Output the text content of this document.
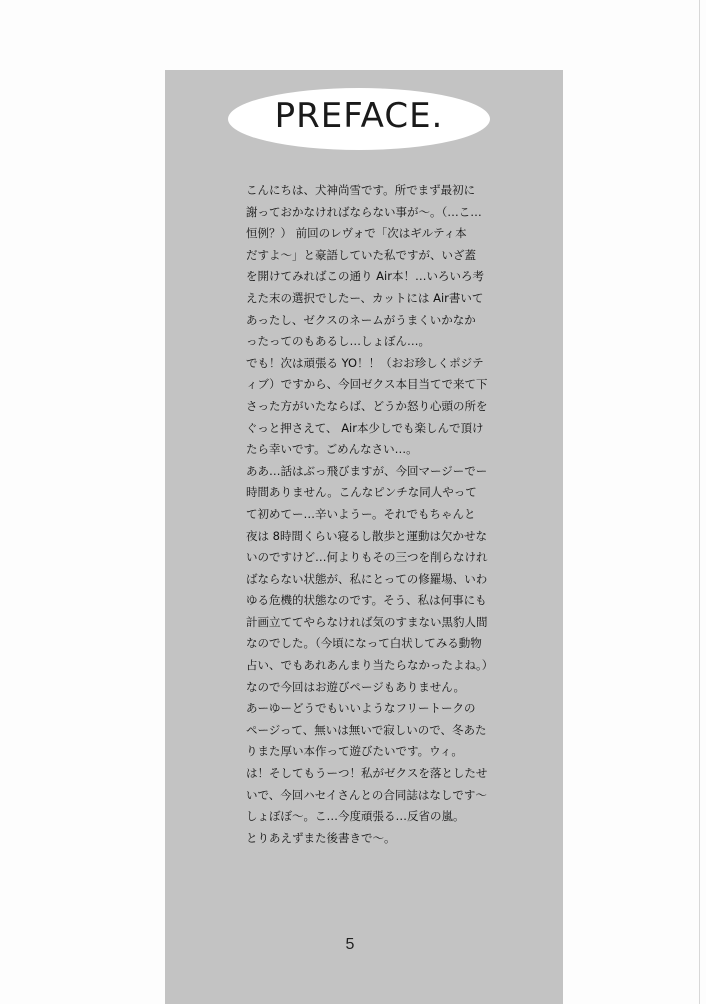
PREFACE.
こんにちは、犬神尚雪です。所でまず最初に
謝っておかなければならない事が～。（…こ…
恒例？） 前回のレヴォで「次はギルティ本
だすよ～」と豪語していた私ですが、いざ蓋
を開けてみればこの通り Air本！…いろいろ考
えた末の選択でしたー、カットには Air書いて
あったし、ゼクスのネームがうまくいかなか
ったってのもあるし…しょぼん…。
でも！次は頑張る YO！！（おお珍しくポジテ
ィブ）ですから、今回ゼクス本目当てで来て下
さった方がいたならば、どうか怒り心頭の所を
ぐっと押さえて、 Air本少しでも楽しんで頂け
たら幸いです。ごめんなさい…。
ああ…話はぶっ飛びますが、今回マージーでー
時間ありません。こんなピンチな同人やって
て初めてー…辛いようー。それでもちゃんと
夜は 8時間くらい寝るし散歩と運動は欠かせな
いのですけど…何よりもその三つを削らなけれ
ばならない状態が、私にとっての修羅場、いわ
ゆる危機的状態なのです。そう、私は何事にも
計画立ててやらなければ気のすまない黒豹人間
なのでした。（今頃になって白状してみる動物
占い、でもあれあんまり当たらなかったよね。）
なので今回はお遊びページもありません。
あーゆーどうでもいいようなフリートークの
ページって、無いは無いで寂しいので、冬あた
りまた厚い本作って遊びたいです。ウィ。
は！そしてもうーつ！私がゼクスを落としたせ
いで、今回ハセイさんとの合同誌はなしです～
しょぼぼ～。こ…今度頑張る…反省の嵐。
とりあえずまた後書きで～。
5
